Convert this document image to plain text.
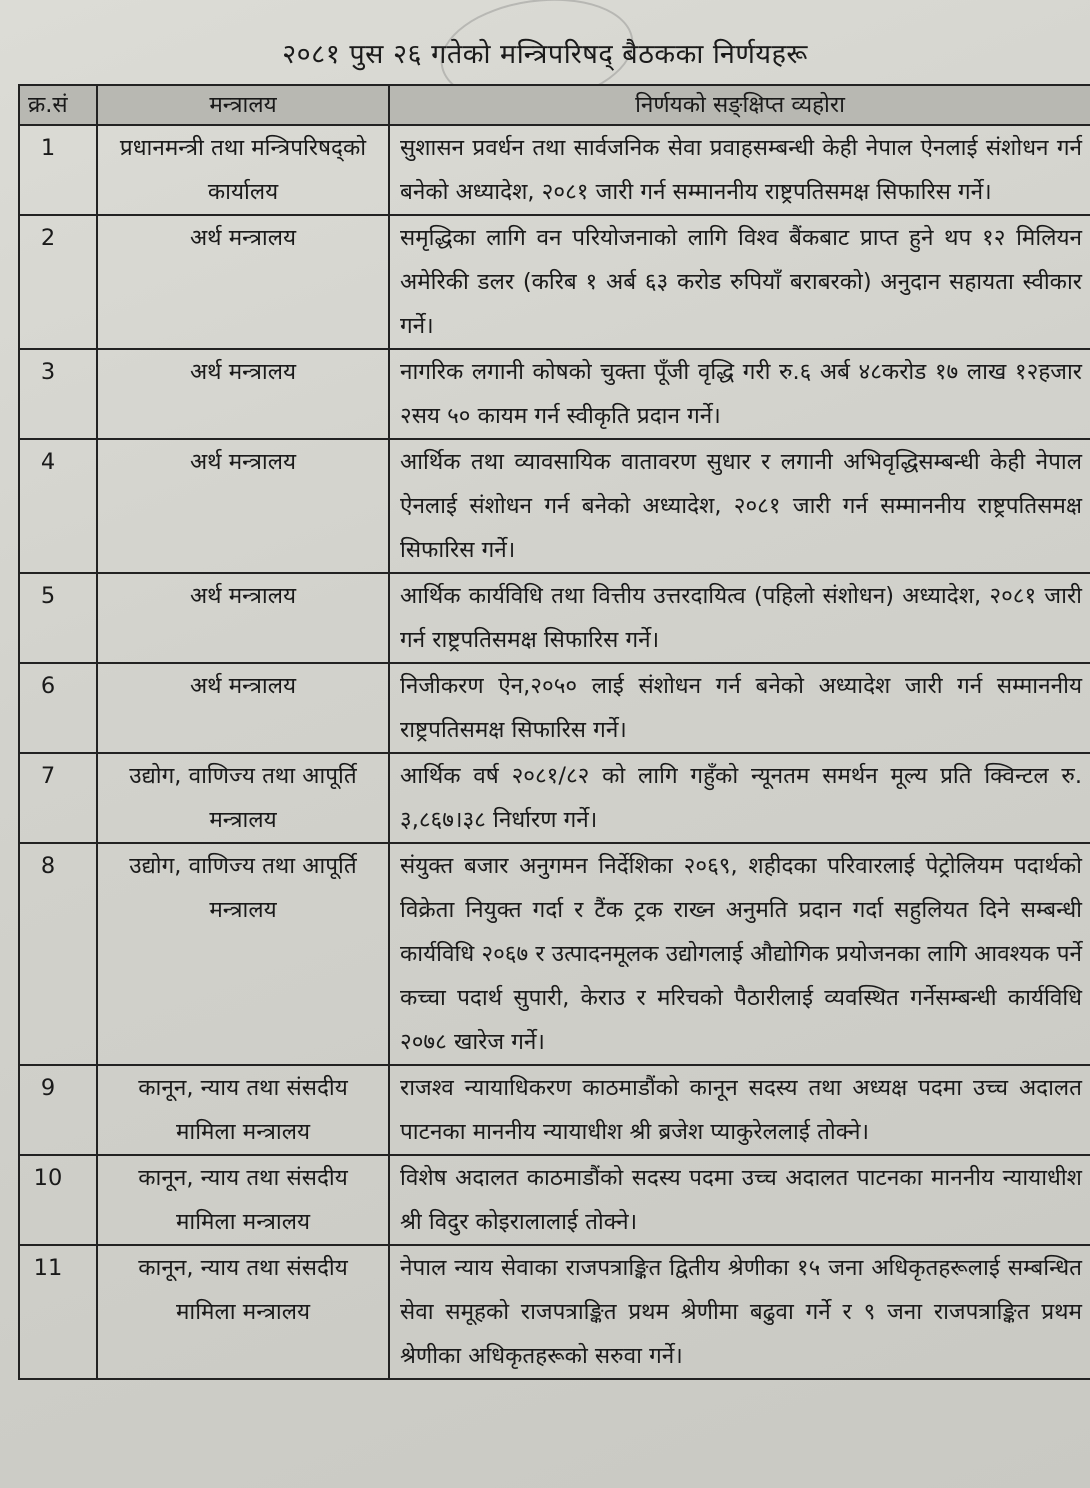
२०८१ पुस २६ गतेको मन्त्रिपरिषद् बैठकका निर्णयहरू
क्र.सं	मन्त्रालय	निर्णयको सङ्क्षिप्त व्यहोरा
1	प्रधानमन्त्री तथा मन्त्रिपरिषद्को कार्यालय	सुशासन प्रवर्धन तथा सार्वजनिक सेवा प्रवाहसम्बन्धी केही नेपाल ऐनलाई संशोधन गर्न बनेको अध्यादेश, २०८१ जारी गर्न सम्माननीय राष्ट्रपतिसमक्ष सिफारिस गर्ने।
2	अर्थ मन्त्रालय	समृद्धिका लागि वन परियोजनाको लागि विश्व बैंकबाट प्राप्त हुने थप १२ मिलियन अमेरिकी डलर (करिब १ अर्ब ६३ करोड रुपियाँ बराबरको) अनुदान सहायता स्वीकार गर्ने।
3	अर्थ मन्त्रालय	नागरिक लगानी कोषको चुक्ता पूँजी वृद्धि गरी रु.६ अर्ब ४८करोड १७ लाख १२हजार २सय ५० कायम गर्न स्वीकृति प्रदान गर्ने।
4	अर्थ मन्त्रालय	आर्थिक तथा व्यावसायिक वातावरण सुधार र लगानी अभिवृद्धिसम्बन्धी केही नेपाल ऐनलाई संशोधन गर्न बनेको अध्यादेश, २०८१ जारी गर्न सम्माननीय राष्ट्रपतिसमक्ष सिफारिस गर्ने।
5	अर्थ मन्त्रालय	आर्थिक कार्यविधि तथा वित्तीय उत्तरदायित्व (पहिलो संशोधन) अध्यादेश, २०८१ जारी गर्न राष्ट्रपतिसमक्ष सिफारिस गर्ने।
6	अर्थ मन्त्रालय	निजीकरण ऐन,२०५० लाई संशोधन गर्न बनेको अध्यादेश जारी गर्न सम्माननीय राष्ट्रपतिसमक्ष सिफारिस गर्ने।
7	उद्योग, वाणिज्य तथा आपूर्ति मन्त्रालय	आर्थिक वर्ष २०८१/८२ को लागि गहुँको न्यूनतम समर्थन मूल्य प्रति क्विन्टल रु. ३,८६७।३८ निर्धारण गर्ने।
8	उद्योग, वाणिज्य तथा आपूर्ति मन्त्रालय	संयुक्त बजार अनुगमन निर्देशिका २०६९, शहीदका परिवारलाई पेट्रोलियम पदार्थको विक्रेता नियुक्त गर्दा र टैंक ट्रक राख्न अनुमति प्रदान गर्दा सहुलियत दिने सम्बन्धी कार्यविधि २०६७ र उत्पादनमूलक उद्योगलाई औद्योगिक प्रयोजनका लागि आवश्यक पर्ने कच्चा पदार्थ सुपारी, केराउ र मरिचको पैठारीलाई व्यवस्थित गर्नेसम्बन्धी कार्यविधि २०७८ खारेज गर्ने।
9	कानून, न्याय तथा संसदीय मामिला मन्त्रालय	राजश्व न्यायाधिकरण काठमाडौंको कानून सदस्य तथा अध्यक्ष पदमा उच्च अदालत पाटनका माननीय न्यायाधीश श्री ब्रजेश प्याकुरेललाई तोक्ने।
10	कानून, न्याय तथा संसदीय मामिला मन्त्रालय	विशेष अदालत काठमाडौंको सदस्य पदमा उच्च अदालत पाटनका माननीय न्यायाधीश श्री विदुर कोइरालालाई तोक्ने।
11	कानून, न्याय तथा संसदीय मामिला मन्त्रालय	नेपाल न्याय सेवाका राजपत्राङ्कित द्वितीय श्रेणीका १५ जना अधिकृतहरूलाई सम्बन्धित सेवा समूहको राजपत्राङ्कित प्रथम श्रेणीमा बढुवा गर्ने र ९ जना राजपत्राङ्कित प्रथम श्रेणीका अधिकृतहरूको सरुवा गर्ने।
